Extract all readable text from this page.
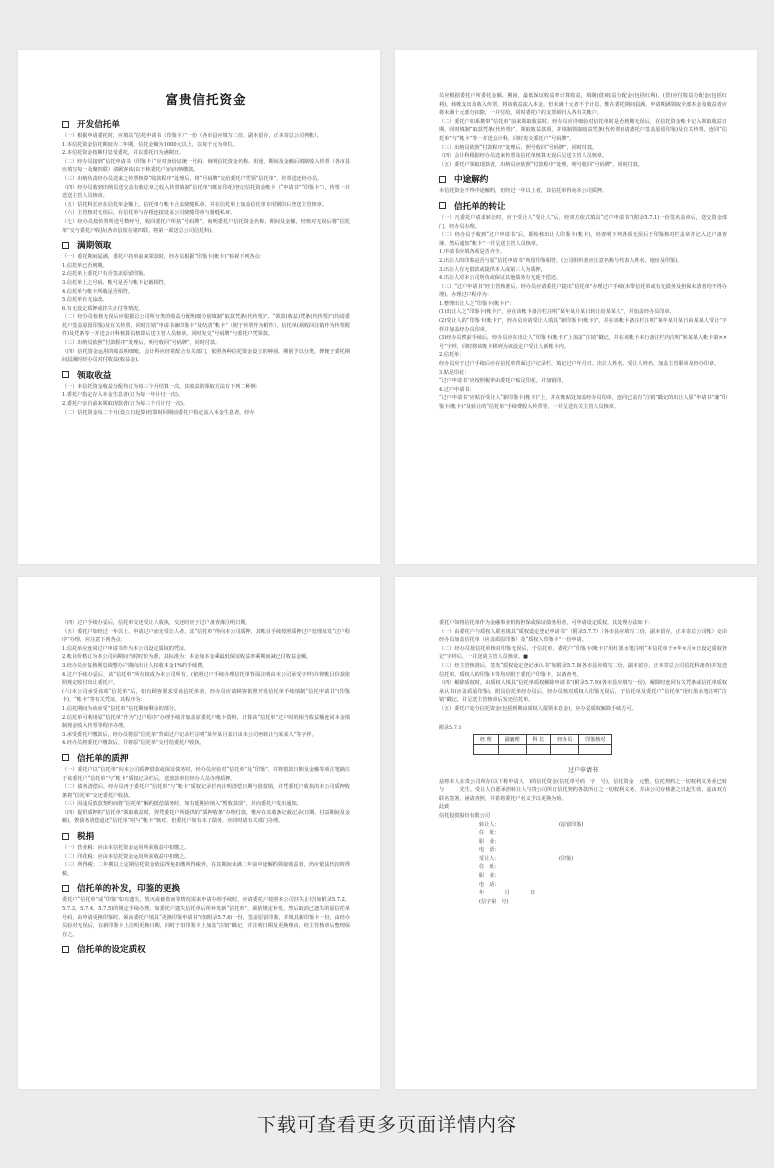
富贵信托资金
开发信托单
（一）根据申请委托时，应填具“信托申请书（印鉴卡）”一份（各市县应填写二份，副本留存，正本寄总公司列帐）。
1.本信托资金信托期间为二年期，信托金额为1000元以上，以每千元为单位。
2.本信托资金按期付息受委托，并以委托日为满期日。
（二）经办员接到“信托申请书（印鉴卡）”应对身份证统一号码、询明信托资金名称、用途、期间及金额后填制收入传票（各市县应填写每一及聚四联）请顾客该(以下称委托户)向出纳缴款。
（三）出纳负责经办员送来之传票核算“收款程序”处理后，将“号码牌”交给委托户凭领“信托单”，传票送还经办员。
（四）经办员收到出纳员送交盖有收讫章之收入传票填制“信托单”(帐证印花)登记信托资金帐卡（“申请书”“印鉴卡”），传票一并送送主管人员核章。
（五）信托科长应在信托单金额上，信托单与帐卡合盖骑缝私章，并在信托单上加盖信托单专用钢印后登送主管核章。
（六）主管核对无误后，在信托单与存根连接处盖公司骑缝印章与骑缝私章。
（七）经办员按传票所送号数呼号，收回委托户所执“号码牌”，询明委托户信托资金名称、期间及金额，经核对无误后将“信托单”交与委托户收执(各市县留存第四联，将第一联送总公司信托科)。
满期领取
（一）委托期间届满，委托户持单前来领款时，经办员根据“印鉴卡(帐卡)”检视下列各点：
1.信托单已否到期。
2.信托单上委托户有否签盖原留印鉴。
3.信托单上之号码、帐号是否与帐卡记载相符。
4.信托单与帐卡所载是否相符。
5.信托单有无涂改。
6.有无设定质押或挂失止付等情况。
（二）经办员检核无误后应根据总公司所分类的收益分配明细分别填制“取款凭条(代传票)”、“领款(收益)凭条(代传票)”(均请委托户签盖原留印鉴)及有关传票，同时注销“申请书兼印鉴卡”及结清“帐卡”（附于传票作为附件），信托单(须收回注销作为传票附件)及凭条等一并送会计科核算员核算后送主管人员核章。同时发交“号码牌”与委托户凭领款。
（三）出纳员依照“付款程序”处理后，明号收回“号码牌”，同时付款。
（四）信托资金运用的收益明细账，会计科应经常配合有关部门，依照各种信托资金设立的种别、期别予以分类，俾便于委托期间届满时经办员对付收益(收益金)。
领取收益
（一）本信托资金收益分配均订为每三个月结算一次，其收益的领取方法有下列二种例：
1.委托户指定存入本金生息者(订为每一年计付一次)。
2.委托户亲自前来领取现款者(订为每三个月计付一次)。
（二）信托资金每二个月(设立日起算)结算时同期前委托户指定流入本金生息者，经办
员应根据委托户所委托金额、期间，最低保证收益率计算收益，填制(借)收益分配金(包括红利)，(贷)应付收益分配金(包括红利)，转帐支出及收入传票，将该收益流入本金，但未满十元者不予计息，惟在委托期间届满，申请期满领取全部本金及收益者应将未满十元部分扣除，一并付给。同时委托户的支票须归入各有关帐户。
（二）委托户如系携带“信托单”前来领取收益时，经办员应详细验对信托单时是否到期无误后，在信托资金帐卡记入领取收益日期，同时填制“取款凭条(代传票)”，领取收益款项，并填制领取收益凭条(代传票)(请委托户签盖原留印鉴)及有关传票，连同“信托单”与“帐卡”等一并送会计科，同时发交委托户“号码牌”。
（三）出纳员依照“付款程序”处理后，照号收回“号码牌”，同时付款。
（四）会计科根据经办员送来传票及信托单核算无误后呈送主管人员核章。
（五）委托户领取现款者，出纳员应依照“付款程序”处理，明号收回“号码牌”，同时付款。
中途解约
本信托资金不得中途解约，但经过一年以上者，其信托单得向本公司质押。
信托单的转让
（一）凡委托户请求转让时，应于受让人“受让人”后，经双方依式填具“过户申请书”(附录5.7.1)一份签名盖章后，送交资金部门，经办员办理。
（二）经办员于收到“过户申请书”后，即检核出让人印鉴卡(帐卡)，经查明下列各项无误后于印鉴核对栏盖章并记入过户备查簿，然后通知“帐卡”一并呈送主管人员核章。
1.申请书应填各项是否齐全。
2.出让人的印鉴是否与原“信托申请书”所留印鉴相符。(公司组织者应注意名称与代表人姓名、地址及印鉴)。
3.出让人有无借款或提供本人或第三人为质押。
4.出让人对本公司所负或保证其他债务有无延不偿还。
（三）“过户申请书”经主管核准后，经办员应请委托户提出“信托单”办理过户手续(未带信托单或有无债务及担保未清者均不得办理)，办理过户程序为：
1.整理出让人之“印鉴卡(帐卡)”：
(1)出让人之“印鉴卡(帐卡)”，应在该帐卡备注栏注明“某年某月某日转让给某某人”，并加盖经办员印章。
(2)受让人的“印鉴卡(帐卡)”，经办员应请受让人填具“新印鉴卡(帐卡)”，并在该帐卡备注栏注明“某年某月某日由某某人受让”字样并加盖经办员印章。
(3)经办员俟前手续后，经办员应在出让人“印鉴卡(帐卡)”上加盖“注销”戳记，并在该帐卡未行备注栏内注明“转某某人帐卡第××号”字样，同时将该帐卡移列为该设定户受让人新帐卡内。
2.信托单：
经办员应于过户手续后应在信托单背面过户记录栏，填记过户年月日、出让人姓名、受让人姓名，加盖主管职章及经办印章。
3.贴足印花：
“过户申请书”应按照税率由委托户贴足印花，并加销印。
4.过户申请书：
“过户申请书”应贴存受让人“新印鉴卡(帐卡)”上，并在帐贴处加盖经办员印章，连同已盖有“注销”戳记的出让人原“申请书”兼“印鉴卡(帐卡)”及转让的“信托单”手续费收入传票等，一并呈送有关主管人员核章。
（四）过户手续办妥后，信托单交还受让人收执，交还时应于过户备查簿注明日期。
（五）委托户如经过一年以上，申请过户而无受让人者，其“信托单”得向本公司质押，其帐目手续按照质押过户处理及发“过户程序”办理，应注意下列各点：
1.信托单应连同过户申请书作为本公司设定质权的凭证。
2.帐目价格订为本公司向期间当时时价为准，其标准为：本金加本金乘最低保证收益率乘期间减已付收益金额。
3.经办员应复核利息调整办户期向出让人扣收本金1%的手续费。
4.过户手续办妥后，该“信托单”所有权成为本公司所有。(依照过户手续办理信托单背面注明由本公司承受字样)并将帐目价款依照规定收付出让委托户。
(六)本公司承受该项“信托单”后，如有顾客要求受该信托单者，经办员应请顾客依照开发信托单手续填制“信托申请书”(印鉴卡)，“帐卡”等有关凭证，其程序为：
1.信托期间为该承受“信托单”信托期间剩余的部分。
2.信托单可利用原“信托单”作为“过户程序”办理手续并加盖原委托户帐卡资料，计算该“信托单”过户时的相当收益额连同本金填制现金收入传票等程序办理。
3.承受委托户缴款后，经办员将原“信托单”背面过户记录栏注明“某年某月某日由本公司再转让与某某人”等字样。
4.经办员将委托户缴款后，并将原“信托单”交付给委托户收执。
信托单的质押
（一）委托户以“信托单”向本公司质押借款或保证债务时，经办员应验对“信托单”及“印鉴”，并将借款日期及金额等项注笔摘注于该委托户“信托单”与“帐卡”质权记录栏后，送放款单位经办人员办理质押。
（二）债务清偿后，经办员再于委托户“信托单”与“帐卡”质权记录栏内注明清偿日期与借款销，并凭委托户收执的本公司质押收条将“信托单”交还委托户收执。
（三）因违反放款契约而将“信托单”解约抵偿债务时，如有延期应纳入“暂收款项”，并向委托户发出通知。
（四）提供质押的“信托单”领取收益时，得凭委托户所提供的“质押收条”办理付款，惟应在其收条记载记录(日期、付益期间及金额)，俟债务清偿退还“信托单”时与“帐卡”核对，但委托户如有未了债务，应同时请有关部门办理。
税捐
（一）营业税：应由本信托资金运用所获收益中扣缴之。
（二）印花税：应由本信托资金运用所获收益中扣缴之。
（三）所得税：二年期以上定期信托资金依法得免扣缴所得税外，在其期间未满二年前中途解约领取收益者，仍应依法代扣所得税。
信托单的补发，印鉴的更换
委托户“信托单”或“印鉴”如有遗失，毁灭或被盗而等情况需来申请办理手续时，应请委托户按照本公司挂失止付(如附录5.7.2，5.7.3，5.7.4，5.7.5)的规定手续办理。如委托户遗失信托单后所补发新“信托单”，须依规定补发，然后取消已遗失的原信托单号码，由申请更换印鉴时，须由委托户填具“更换印鉴申请书”(如附录5.7.6)一份，签盖原留印鉴，并填具新印鉴卡一份，由经办员验对无误后，在新印鉴卡上注明更换日期，同时于旧印鉴卡上加盖“注销”戳记，并注明日期及更换理由，经主管核章后整理保存之。
信托单的设定质权
委托户如将信托单作为金融事业机构担保或保证债务用者，可申请设定质权，其处理办法如下：
（一）由委托户与质权人联名填具“质权设定登记申请书”（附录5.7.7）（各市县应填写二份，副本留存，正本寄总公司帐）交由经办员加盖信托单（应盖质原印鉴）及“质权人印鉴卡”一份申请。
（二）经办员按信托单核对印鉴无误后，于信托单、委托户“印鉴卡(帐卡)”用红墨水笔注明“本信托单于×年×月×日设定质权登记”字样后，一并送请主管人员核章。■
（三）经主管核准后，签发“质权设定登记承认书”如附录5.7.8(各市县应填写二份，副本留存，正本寄总公司信托科备查)并发送信托单。质权人的印鉴卡等均应附于委托户印鉴卡，以备查考。
（四）解除质权时，由质权人填具“信托单质权解除申请书”(附录5.7.9)(各市县应填写一份)，解除时连同有关凭条或信托单质权承认书(应盖质原印鉴)，附具信托单经办员后，经办员核对质权人印鉴无误后，于信托单及委托户“信托单”用红墨水笔注明“注销”戳记，并呈送主管核章后发还信托单。
（五）委托户处分信托资金(包括到期由质权人提领本息金)，应办妥质权解除手续方可。
附录5.7.1
经 理	副襄理	科 长	经办员	印鉴核对

过户申请书
兹将本人在贵公司所存(以下称申请人　)的信托资金(信托单号码　字　号)，信托资金　元整。信托契约之一切权利义务业已转与　　　先生。受让人自愿承担转让人与贵公司所订信托契约各款所订之一切权利义务，并由公司存核准之日起生效，兹由双方联名签署，函请查照，并希将委托户名义予以更换为荷。
此致
信托投资股份有限公司
转让人：	(原留印鉴)
住　址：
职　业：
电　话：
受让人：	(印鉴)
住　址：
职　业：
电　话：
年　　　　月　　　　日
(信字第　号)
下载可查看更多页面详情内容
